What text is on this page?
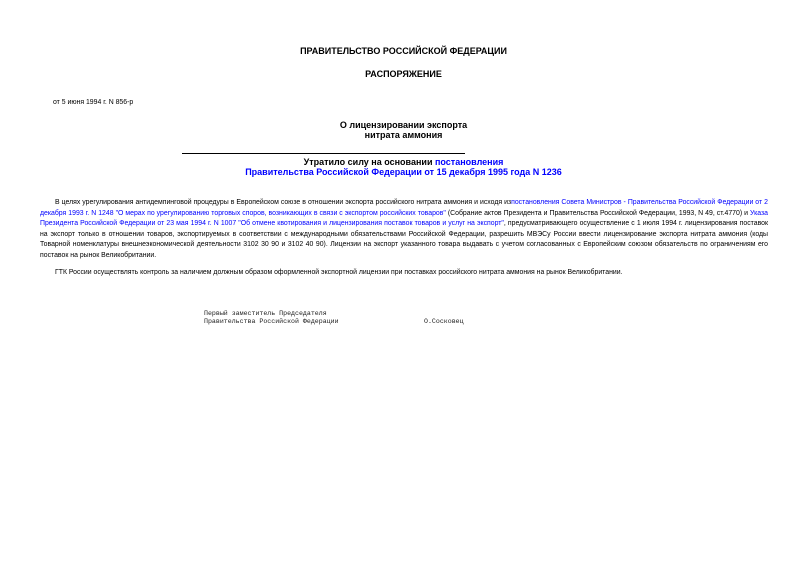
ПРАВИТЕЛЬСТВО РОССИЙСКОЙ ФЕДЕРАЦИИ
РАСПОРЯЖЕНИЕ
от 5 июня 1994 г. N 856-р
О лицензировании экспорта
нитрата аммония
Утратило силу на основании постановления
Правительства Российской Федерации от 15 декабря 1995 года N 1236
В целях урегулирования антидемпинговой процедуры в Европейском союзе в отношении экспорта российского нитрата аммония и исходя изпостановления Совета Министров - Правительства Российской Федерации от 2 декабря 1993 г. N 1248 "О мерах по урегулированию торговых споров, возникающих в связи с экспортом российских товаров" (Собрание актов Президента и Правительства Российской Федерации, 1993, N 49, ст.4770) и Указа Президента Российской Федерации от 23 мая 1994 г. N 1007 "Об отмене квотирования и лицензирования поставок товаров и услуг на экспорт", предусматривающего осуществление с 1 июля 1994 г. лицензирования поставок на экспорт только в отношении товаров, экспортируемых в соответствии с международными обязательствами Российской Федерации, разрешить МВЭСу России ввести лицензирование экспорта нитрата аммония (коды Товарной номенклатуры внешнеэкономической деятельности 3102 30 90 и 3102 40 90). Лицензии на экспорт указанного товара выдавать с учетом согласованных с Европейским союзом обязательств по ограничениям его поставок на рынок Великобритании.
ГТК России осуществлять контроль за наличием должным образом оформленной экспортной лицензии при поставках российского нитрата аммония на рынок Великобритании.
Первый заместитель Председателя
Правительства Российской Федерации	О.Сосковец
